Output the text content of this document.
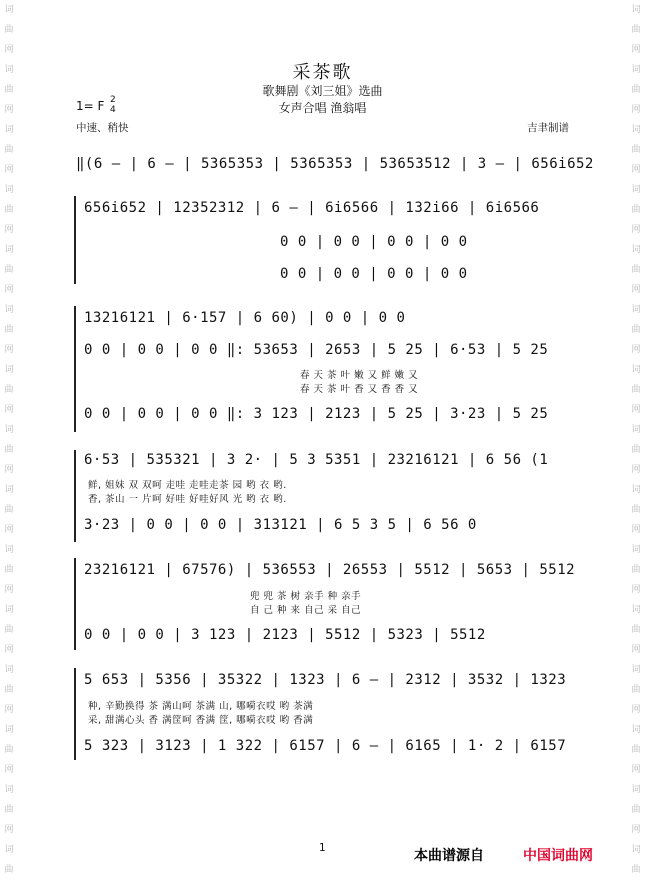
词
曲
网
词
曲
网
词
曲
网
词
曲
网
词
曲
网
词
曲
网
词
曲
网
词
曲
网
词
曲
网
词
曲
网
词
曲
网
词
曲
网
词
曲
网
词
曲
网
词
曲
词
曲
网
词
曲
网
词
曲
网
词
曲
网
词
曲
网
词
曲
网
词
曲
网
词
曲
网
词
曲
网
词
曲
网
词
曲
网
词
曲
网
词
曲
网
词
曲
网
词
曲
采茶歌
歌舞剧《刘三姐》选曲
女声合唱 渔翁唱
1= F 2
4
中速、稍快	吉聿制谱
‖(6 — | 6 — | 5365353 | 5365353 | 53653512 | 3 — | 656i652
656i652 | 12352312 | 6 — | 6i6566 | 132i66 | 6i6566
0 0 | 0 0 | 0 0 | 0 0
0 0 | 0 0 | 0 0 | 0 0
13216121 | 6·157 | 6 60) | 0 0 | 0 0
0 0 | 0 0 | 0 0 ‖: 53653 | 2653 | 5 25 | 6·53 | 5 25
春 天 茶 叶 嫩 又 鲜 嫩 又
春 天 茶 叶 香 又 香 香 又
0 0 | 0 0 | 0 0 ‖: 3 123 | 2123 | 5 25 | 3·23 | 5 25
6·53 | 535321 | 3 2· | 5 3 5351 | 23216121 | 6 56 (1
鲜, 姐妹 双 双呵 走哇 走哇走茶 园 哟 衣 哟.
香, 茶山 一 片呵 好哇 好哇好风 光 哟 衣 哟.
3·23 | 0 0 | 0 0 | 313121 | 6 5 3 5 | 6 56 0
23216121 | 67576) | 536553 | 26553 | 5512 | 5653 | 5512
兜 兜 茶 树 亲手 种 亲手
自 己 种 来 自己 采 自己
0 0 | 0 0 | 3 123 | 2123 | 5512 | 5323 | 5512
5 653 | 5356 | 35322 | 1323 | 6 — | 2312 | 3532 | 1323
种, 辛勤换得 茶 满山呵 茶满 山, 哪嗬衣哎 哟 茶满
采, 甜满心头 香 满筐呵 香满 筐, 哪嗬衣哎 哟 香满
5 323 | 3123 | 1 322 | 6157 | 6 — | 6165 | 1· 2 | 6157
1	本曲谱源自	中国词曲网
